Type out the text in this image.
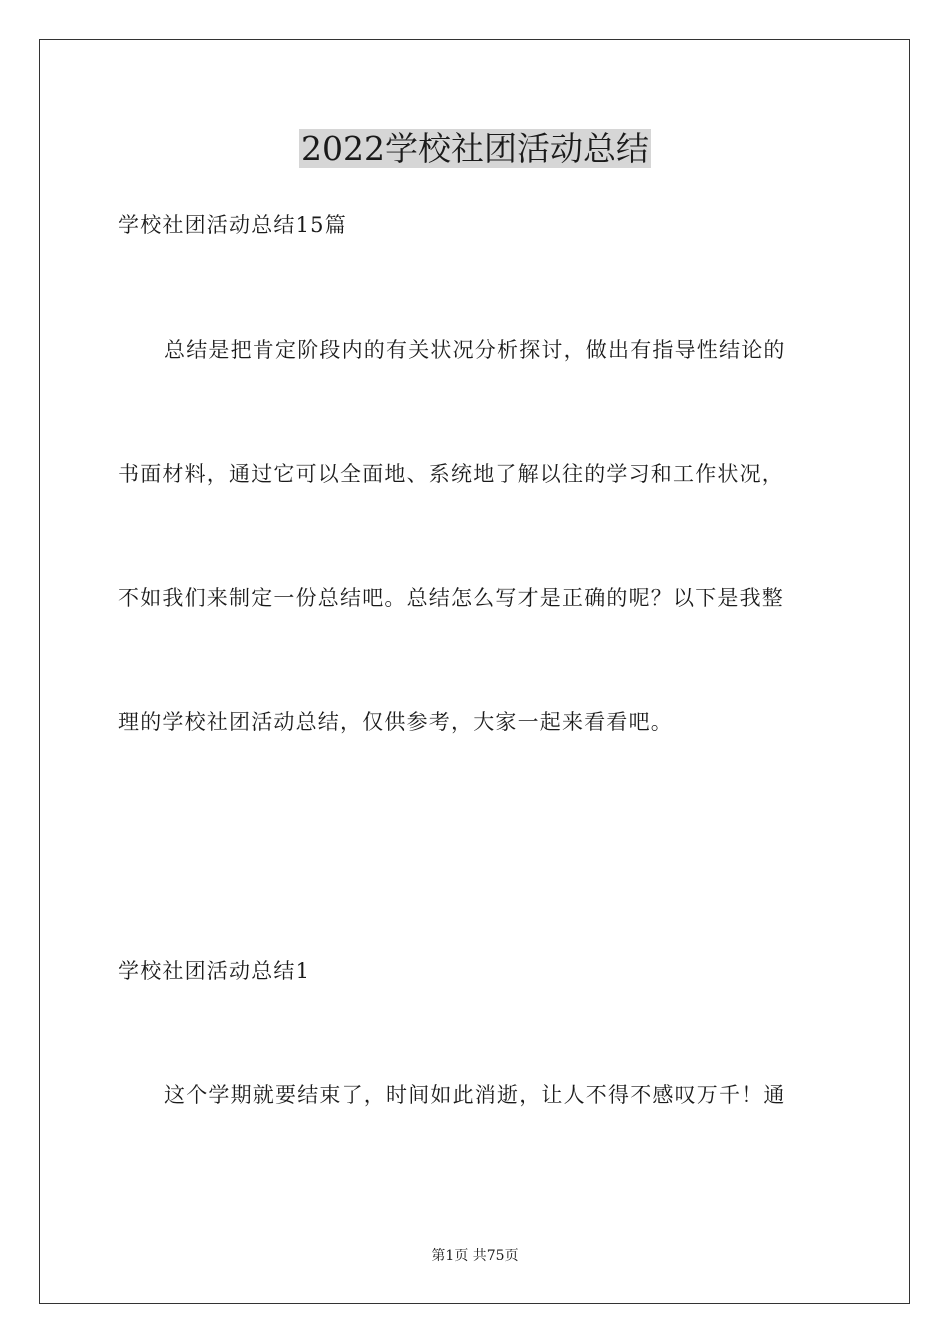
2022学校社团活动总结
学校社团活动总结15篇
总结是把肯定阶段内的有关状况分析探讨，做出有指导性结论的
书面材料，通过它可以全面地、系统地了解以往的学习和工作状况，
不如我们来制定一份总结吧。总结怎么写才是正确的呢？以下是我整
理的学校社团活动总结，仅供参考，大家一起来看看吧。
学校社团活动总结1
这个学期就要结束了，时间如此消逝，让人不得不感叹万千！通
第1页 共75页
